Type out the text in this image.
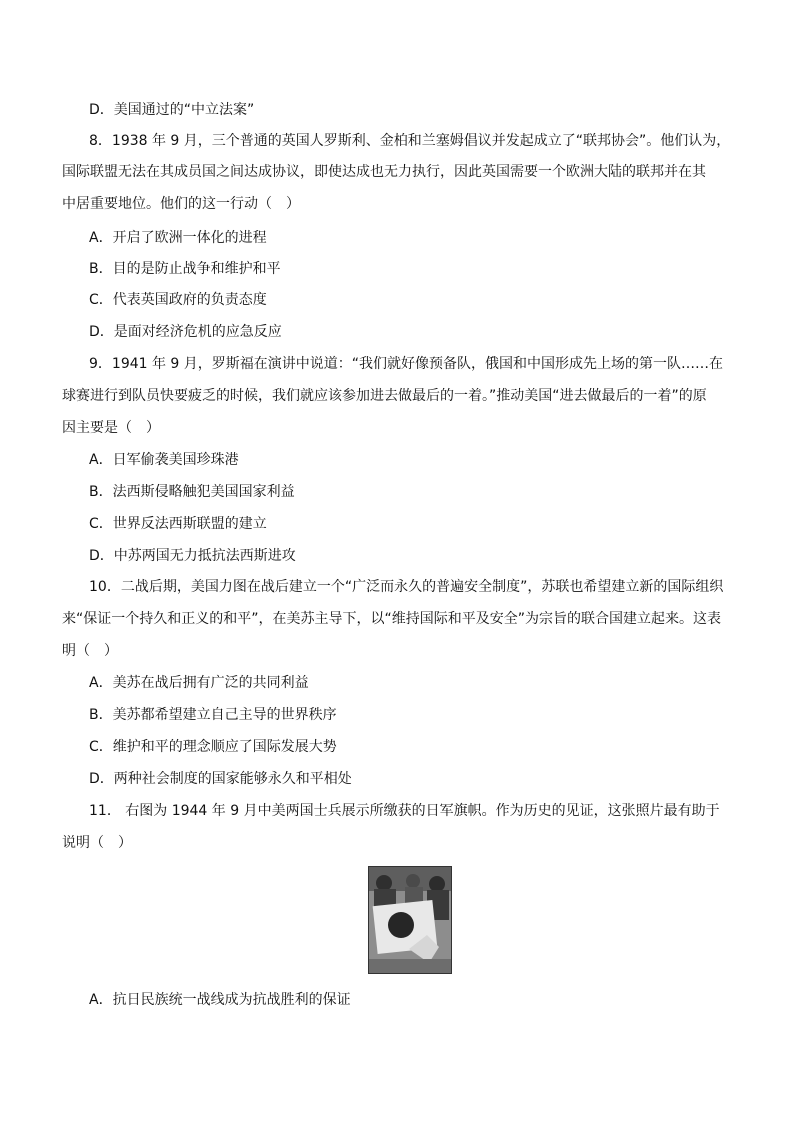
D．美国通过的“中立法案”
8．1938 年 9 月，三个普通的英国人罗斯利、金柏和兰塞姆倡议并发起成立了“联邦协会”。他们认为，
国际联盟无法在其成员国之间达成协议，即使达成也无力执行，因此英国需要一个欧洲大陆的联邦并在其
中居重要地位。他们的这一行动（　）
A．开启了欧洲一体化的进程
B．目的是防止战争和维护和平
C．代表英国政府的负责态度
D．是面对经济危机的应急反应
9．1941 年 9 月，罗斯福在演讲中说道：“我们就好像预备队，俄国和中国形成先上场的第一队……在
球赛进行到队员快要疲乏的时候，我们就应该参加进去做最后的一着。”推动美国“进去做最后的一着”的原
因主要是（　）
A．日军偷袭美国珍珠港
B．法西斯侵略触犯美国国家利益
C．世界反法西斯联盟的建立
D．中苏两国无力抵抗法西斯进攻
10．二战后期，美国力图在战后建立一个“广泛而永久的普遍安全制度”，苏联也希望建立新的国际组织
来“保证一个持久和正义的和平”，在美苏主导下，以“维持国际和平及安全”为宗旨的联合国建立起来。这表
明（　）
A．美苏在战后拥有广泛的共同利益
B．美苏都希望建立自己主导的世界秩序
C．维护和平的理念顺应了国际发展大势
D．两种社会制度的国家能够永久和平相处
11． 右图为 1944 年 9 月中美两国士兵展示所缴获的日军旗帜。作为历史的见证，这张照片最有助于
说明（　）
A．抗日民族统一战线成为抗战胜利的保证
